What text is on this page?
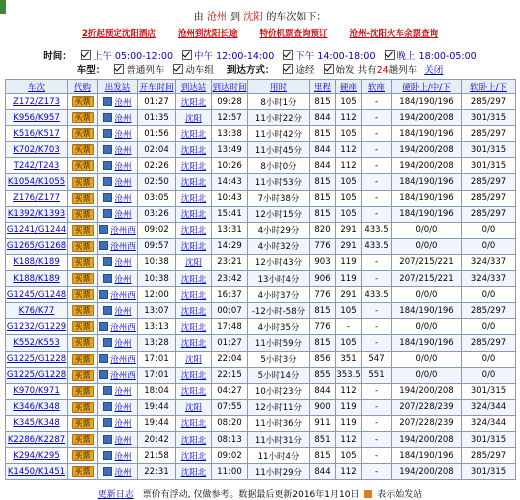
由 沧州 到 沈阳 的车次如下：
2折起预定沈阳酒店	沧州到沈阳长途	特价机票查询预订	沧州-沈阳火车余票查询
时间： 上午 05:00-12:00 中午 12:00-14:00 下午 14:00-18:00 晚上 18:00-05:00
车型： 普通列车 动车组 到达方式： 途经 始发 共有24趟列车 关闭
车次	代购	出发站	开车时间	到达站	到达时间	用时	里程	硬座	软座	硬卧上/中/下	软卧上/下
Z172/Z173	买票	沧州	01:27	沈阳北	09:28	8小时1分	815	105	-	184/190/196	285/297
K956/K957	买票	沧州	01:35	沈阳	12:57	11小时22分	844	112	-	194/200/208	301/315
K516/K517	买票	沧州	01:56	沈阳北	13:38	11小时42分	815	105	-	184/190/196	285/297
K702/K703	买票	沧州	02:04	沈阳北	13:49	11小时45分	844	112	-	194/200/208	301/315
T242/T243	买票	沧州	02:26	沈阳北	10:26	8小时0分	844	112	-	194/200/208	301/315
K1054/K1055	买票	沧州	02:50	沈阳北	14:43	11小时53分	815	105	-	184/190/196	285/297
Z176/Z177	买票	沧州	03:05	沈阳北	10:43	7小时38分	815	105	-	184/190/196	285/297
K1392/K1393	买票	沧州	03:26	沈阳北	15:41	12小时15分	815	105	-	184/190/196	285/297
G1241/G1244	买票	沧州西	09:02	沈阳北	13:31	4小时29分	820	291	433.5	0/0/0	0/0
G1265/G1268	买票	沧州西	09:57	沈阳北	14:29	4小时32分	776	291	433.5	0/0/0	0/0
K188/K189	买票	沧州	10:38	沈阳	23:21	12小时43分	903	119	-	207/215/221	324/337
K188/K189	买票	沧州	10:38	沈阳北	23:42	13小时4分	906	119	-	207/215/221	324/337
G1245/G1248	买票	沧州西	12:00	沈阳北	16:37	4小时37分	776	291	433.5	0/0/0	0/0
K76/K77	买票	沧州	13:07	沈阳北	00:07	-12小时-58分	815	105	-	184/190/196	285/297
G1232/G1229	买票	沧州西	13:13	沈阳北	17:48	4小时35分	776	-	-	0/0/0	0/0
K552/K553	买票	沧州	13:28	沈阳北	01:27	11小时59分	815	105	-	184/190/196	285/297
G1225/G1228	买票	沧州西	17:01	沈阳	22:04	5小时3分	856	351	547	0/0/0	0/0
G1225/G1228	买票	沧州西	17:01	沈阳北	22:15	5小时14分	855	353.5	551	0/0/0	0/0
K970/K971	买票	沧州	18:04	沈阳北	04:27	10小时23分	844	112	-	194/200/208	301/315
K346/K348	买票	沧州	19:44	沈阳	07:55	12小时11分	900	119	-	207/228/239	324/344
K345/K348	买票	沧州	19:44	沈阳北	08:20	11小时36分	911	119	-	207/228/239	324/344
K2286/K2287	买票	沧州	20:42	沈阳北	08:13	11小时31分	851	112	-	194/200/208	301/315
K294/K295	买票	沧州	21:58	沈阳北	09:02	11小时4分	815	105	-	184/190/196	285/297
K1450/K1451	买票	沧州	22:31	沈阳北	11:00	11小时29分	844	112	-	194/200/208	301/315
更新日志 票价有浮动, 仅做参考。数据最后更新2016年1月10日 表示始发站
